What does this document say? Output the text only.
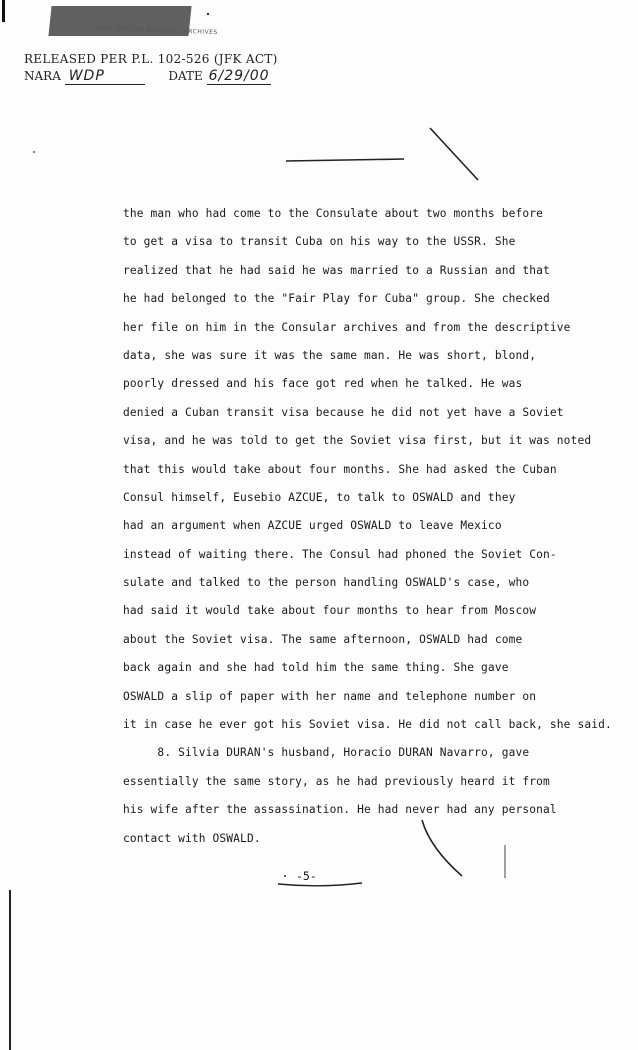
COPY DLE THE NATIONAL ARCHIVES
RELEASED PER P.L. 102-526 (JFK ACT)
NARA WDP	DATE 6/29/00
the man who had come to the Consulate about two months before
to get a visa to transit Cuba on his way to the USSR. She
realized that he had said he was married to a Russian and that
he had belonged to the "Fair Play for Cuba" group. She checked
her file on him in the Consular archives and from the descriptive
data, she was sure it was the same man. He was short, blond,
poorly dressed and his face got red when he talked. He was
denied a Cuban transit visa because he did not yet have a Soviet
visa, and he was told to get the Soviet visa first, but it was noted
that this would take about four months. She had asked the Cuban
Consul himself, Eusebio AZCUE, to talk to OSWALD and they
had an argument when AZCUE urged OSWALD to leave Mexico
instead of waiting there. The Consul had phoned the Soviet Con-
sulate and talked to the person handling OSWALD's case, who
had said it would take about four months to hear from Moscow
about the Soviet visa. The same afternoon, OSWALD had come
back again and she had told him the same thing. She gave
OSWALD a slip of paper with her name and telephone number on
it in case he ever got his Soviet visa. He did not call back, she said.
8. Silvia DURAN's husband, Horacio DURAN Navarro, gave
essentially the same story, as he had previously heard it from
his wife after the assassination. He had never had any personal
contact with OSWALD.
-5-
